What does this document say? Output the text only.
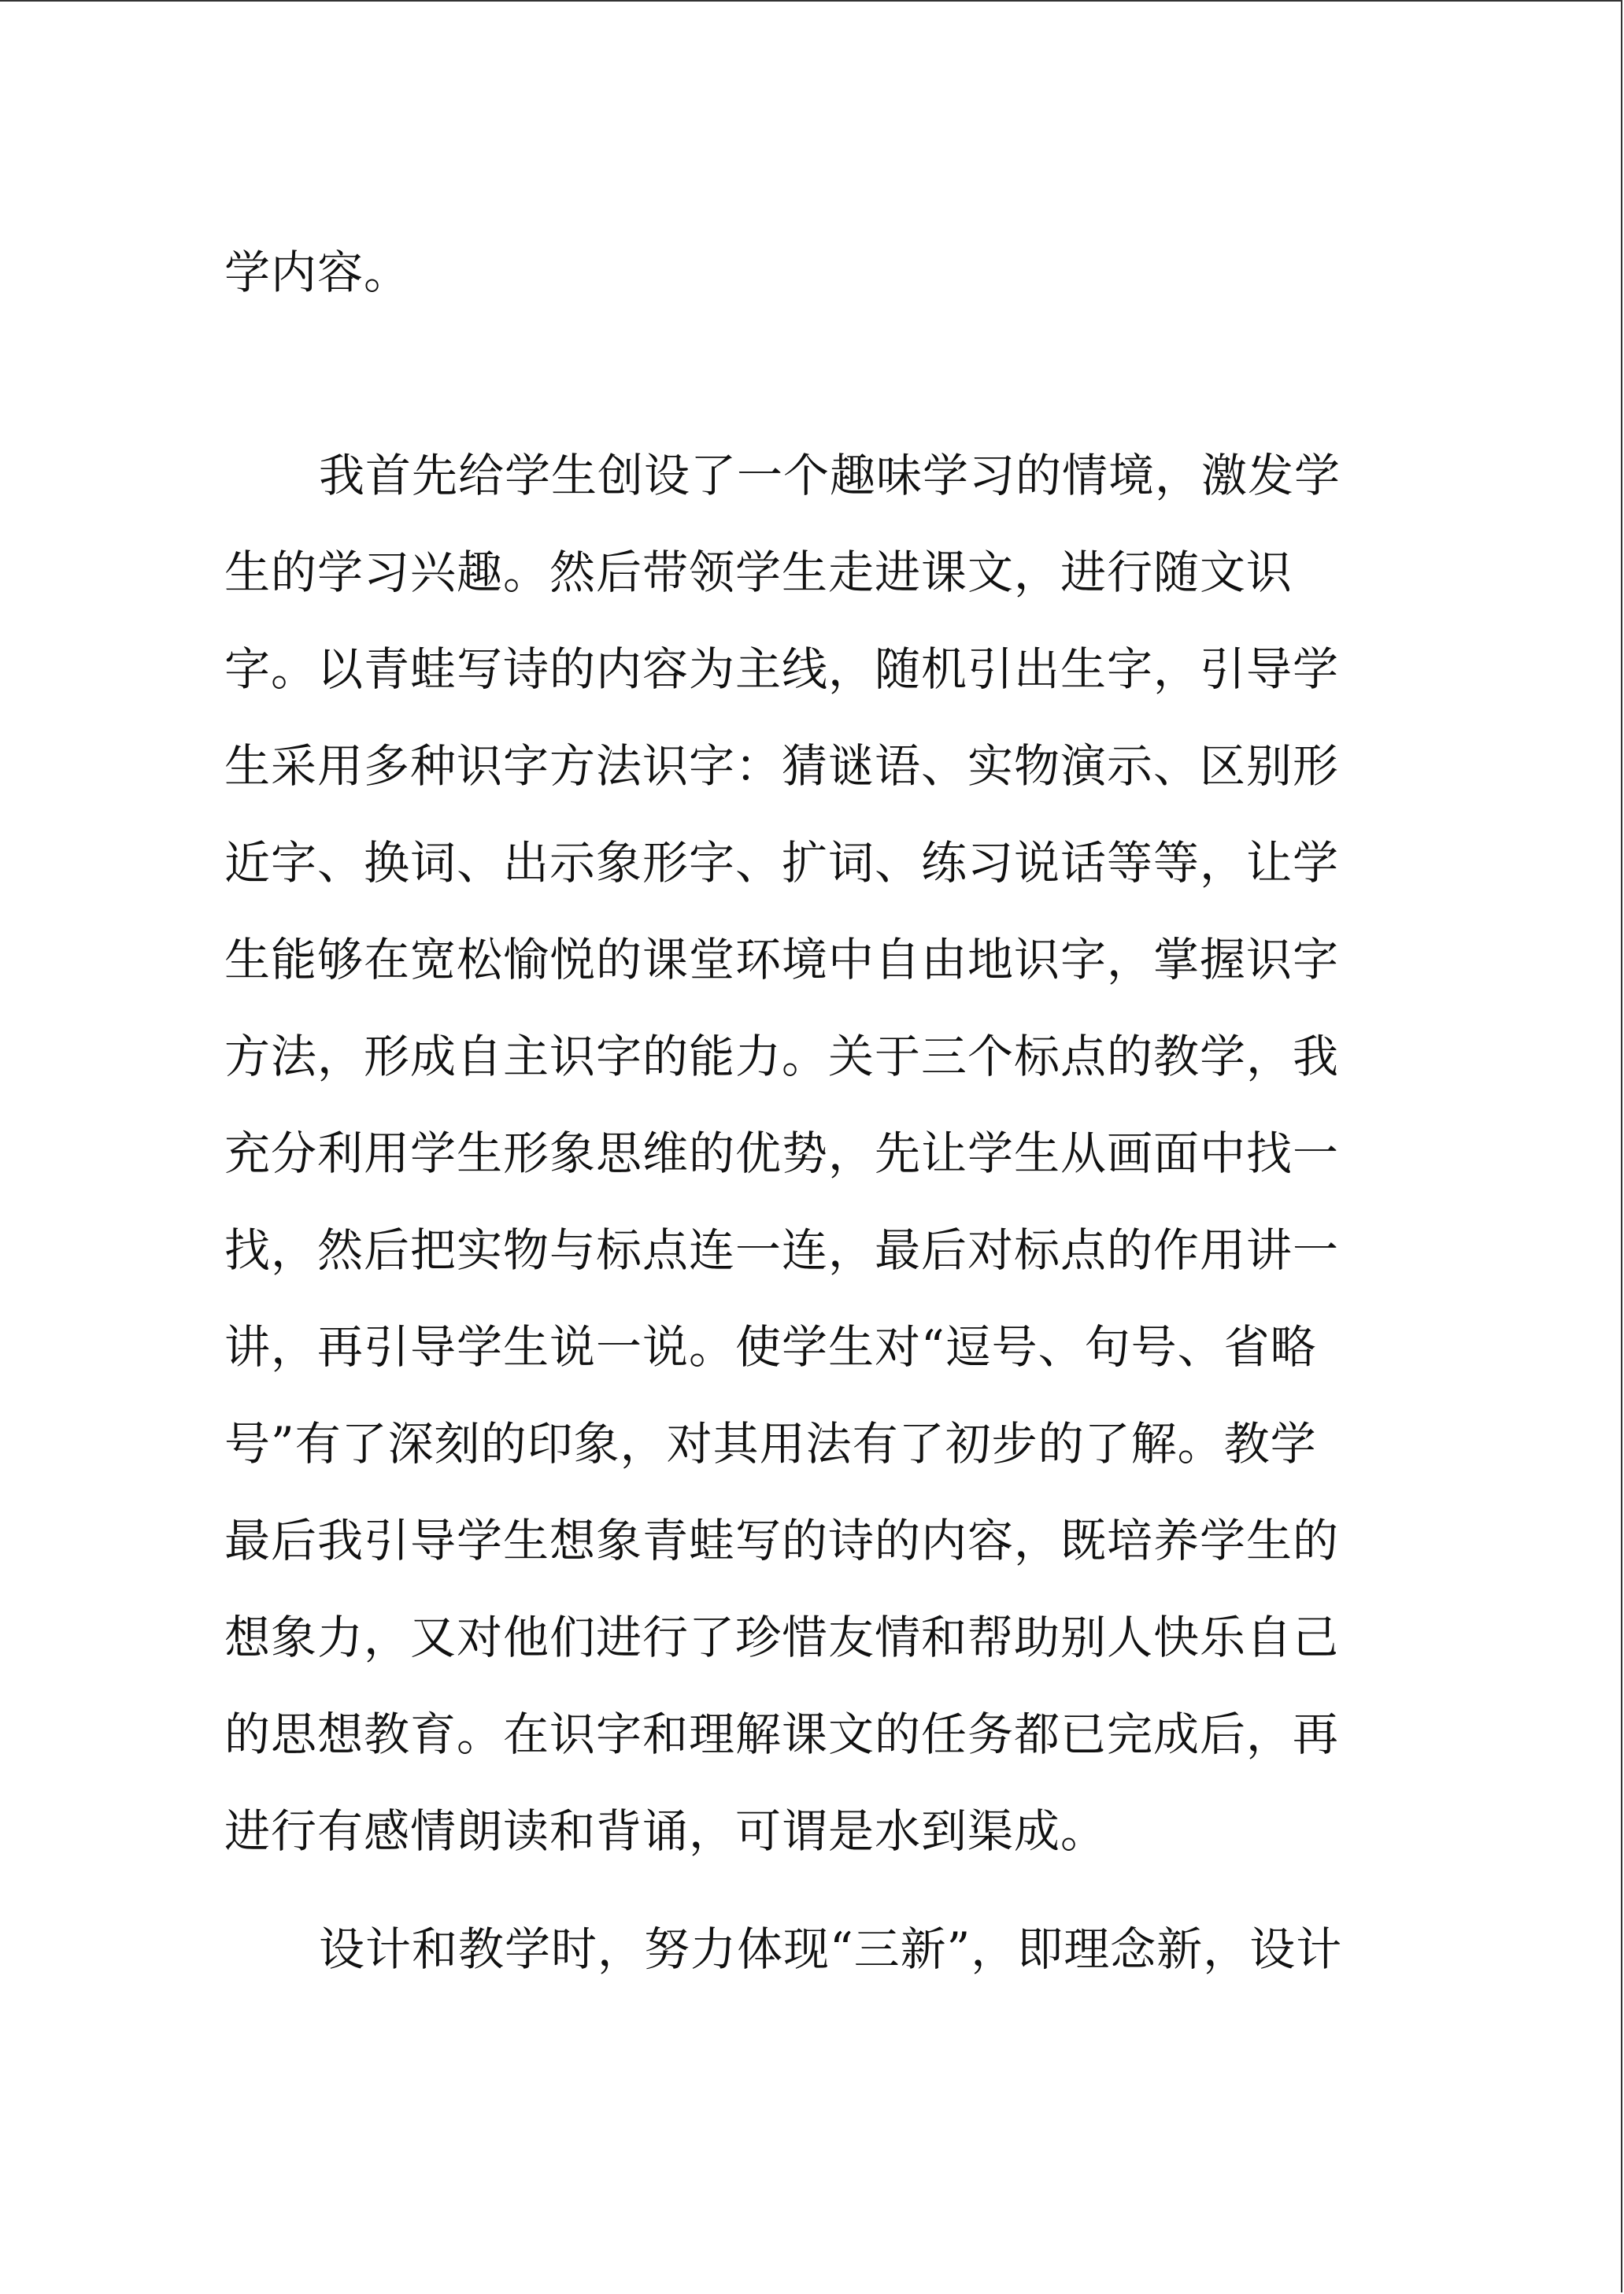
学内容。
我首先给学生创设了一个趣味学习的情境，激发学
生的学习兴趣。然后带领学生走进课文，进行随文识
字。以青蛙写诗的内容为主线，随机引出生字，引导学
生采用多种识字方法识字：猜谜语、实物演示、区别形
近字、换词、出示象形字、扩词、练习说话等等，让学
生能够在宽松愉悦的课堂环境中自由地识字，掌握识字
方法，形成自主识字的能力。关于三个标点的教学，我
充分利用学生形象思维的优势，先让学生从画面中找一
找，然后把实物与标点连一连，最后对标点的作用讲一
讲，再引导学生说一说。使学生对“逗号、句号、省略
号”有了深刻的印象，对其用法有了初步的了解。教学
最后我引导学生想象青蛙写的诗的内容，既培养学生的
想象力，又对他们进行了珍惜友情和帮助别人快乐自己
的思想教育。在识字和理解课文的任务都已完成后，再
进行有感情朗读和背诵，可谓是水到渠成。
设计和教学时，努力体现“三新”，即理念新，设计
